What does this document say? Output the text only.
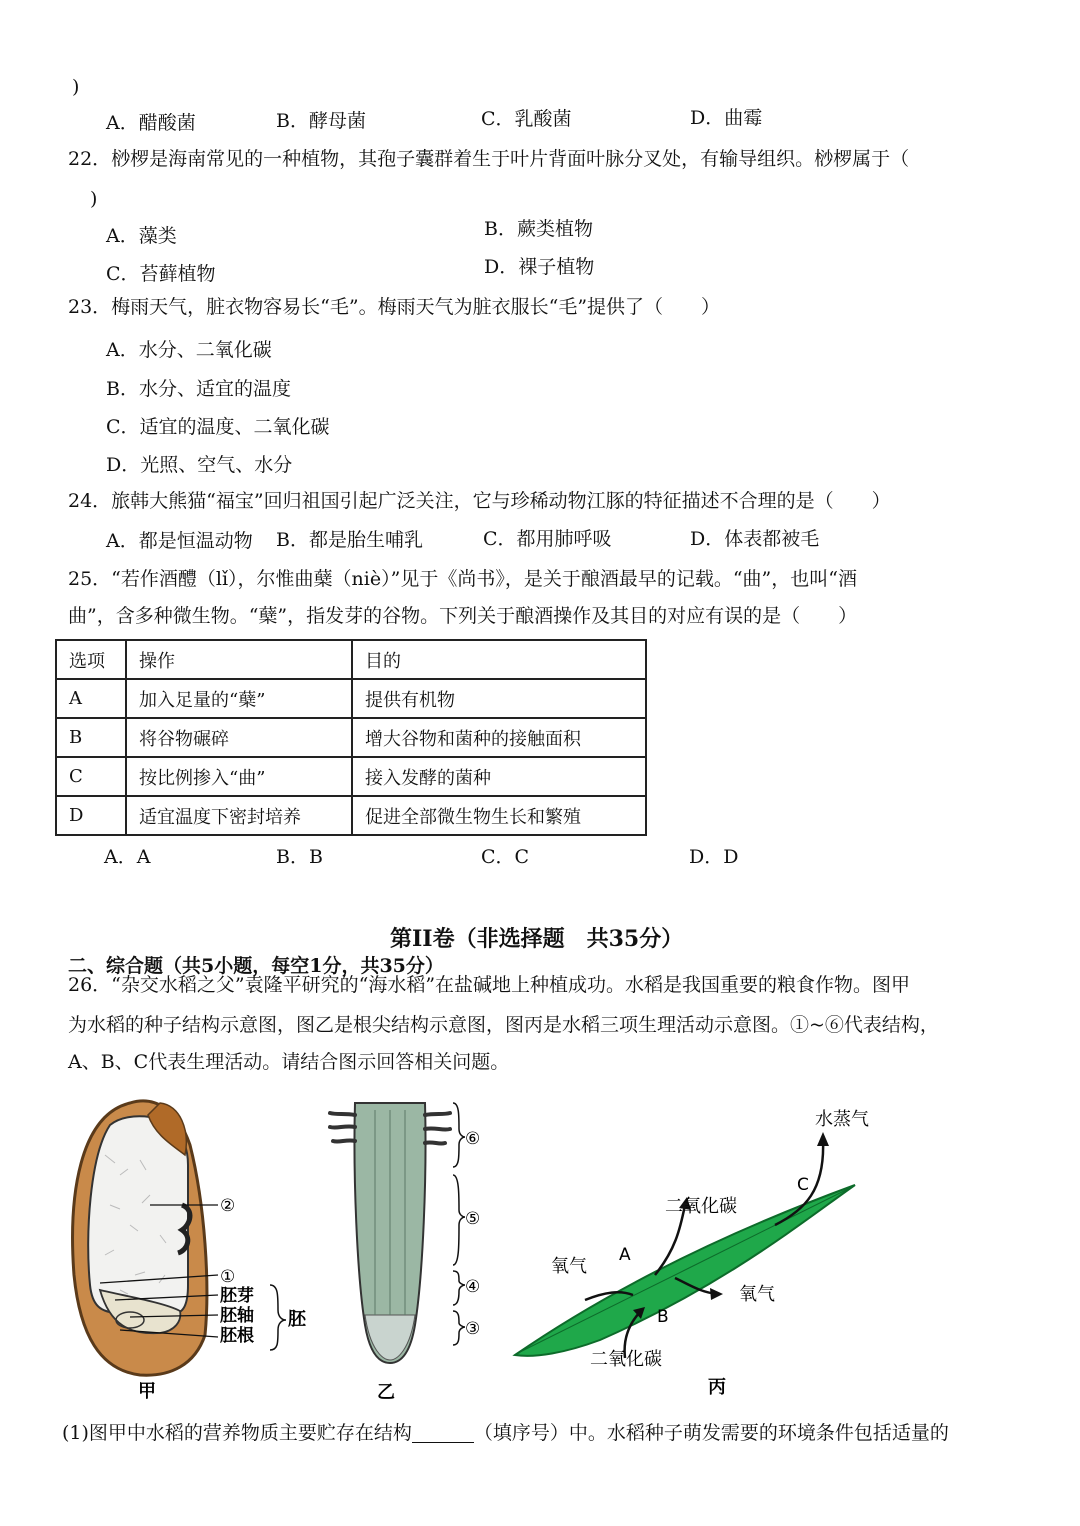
)
A．醋酸菌	B．酵母菌	C．乳酸菌	D．曲霉
22．桫椤是海南常见的一种植物，其孢子囊群着生于叶片背面叶脉分叉处，有输导组织。桫椤属于（
)
A．藻类	B．蕨类植物
C．苔藓植物	D．裸子植物
23．梅雨天气，脏衣物容易长“毛”。梅雨天气为脏衣服长“毛”提供了（　　）
A．水分、二氧化碳
B．水分、适宜的温度
C．适宜的温度、二氧化碳
D．光照、空气、水分
24．旅韩大熊猫“福宝”回归祖国引起广泛关注，它与珍稀动物江豚的特征描述不合理的是（　　）
A．都是恒温动物 B．都是胎生哺乳	C．都用肺呼吸	D．体表都被毛
25．“若作酒醴（lǐ），尔惟曲蘖（niè）”见于《尚书》，是关于酿酒最早的记载。“曲”，也叫“酒
曲”，含多种微生物。“蘖”，指发芽的谷物。下列关于酿酒操作及其目的对应有误的是（　　）
选项	操作	目的
A	加入足量的“蘖”	提供有机物
B	将谷物碾碎	增大谷物和菌种的接触面积
C	按比例掺入“曲”	接入发酵的菌种
D	适宜温度下密封培养	促进全部微生物生长和繁殖
A．A	B．B	C．C	D．D
第II卷（非选择题　共35分）
二、综合题（共5小题，每空1分，共35分）
26．“杂交水稻之父”袁隆平研究的“海水稻”在盐碱地上种植成功。水稻是我国重要的粮食作物。图甲
为水稻的种子结构示意图，图乙是根尖结构示意图，图丙是水稻三项生理活动示意图。①~⑥代表结构，
A、B、C代表生理活动。请结合图示回答相关问题。
②
①
胚芽
胚轴
胚根
胚
甲
⑥
⑤
④
③
乙
水蒸气
C
二氧化碳
氧气
A
氧气
B
二氧化碳
丙
(1)图甲中水稻的营养物质主要贮存在结构	（填序号）中。水稻种子萌发需要的环境条件包括适量的
